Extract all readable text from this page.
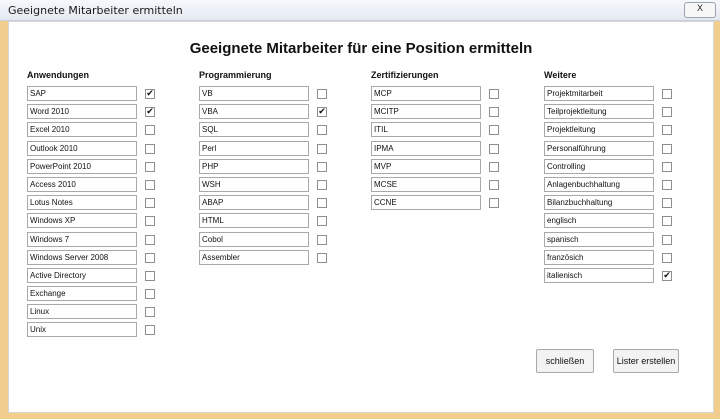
Geeignete Mitarbeiter ermitteln	X
Geeignete Mitarbeiter für eine Position ermitteln
Anwendungen
SAP	✔
Word 2010	✔
Excel 2010
Outlook 2010
PowerPoint 2010
Access 2010
Lotus Notes
Windows XP
Windows 7
Windows Server 2008
Active Directory
Exchange
Linux
Unix
Programmierung
VB
VBA	✔
SQL
Perl
PHP
WSH
ABAP
HTML
Cobol
Assembler
Zertifizierungen
MCP
MCITP
ITIL
IPMA
MVP
MCSE
CCNE
Weitere
Projektmitarbeit
Teilprojektleitung
Projektleitung
Personalführung
Controlling
Anlagenbuchhaltung
Bilanzbuchhaltung
englisch
spanisch
französich
italienisch	✔
schließen	Lister erstellen
